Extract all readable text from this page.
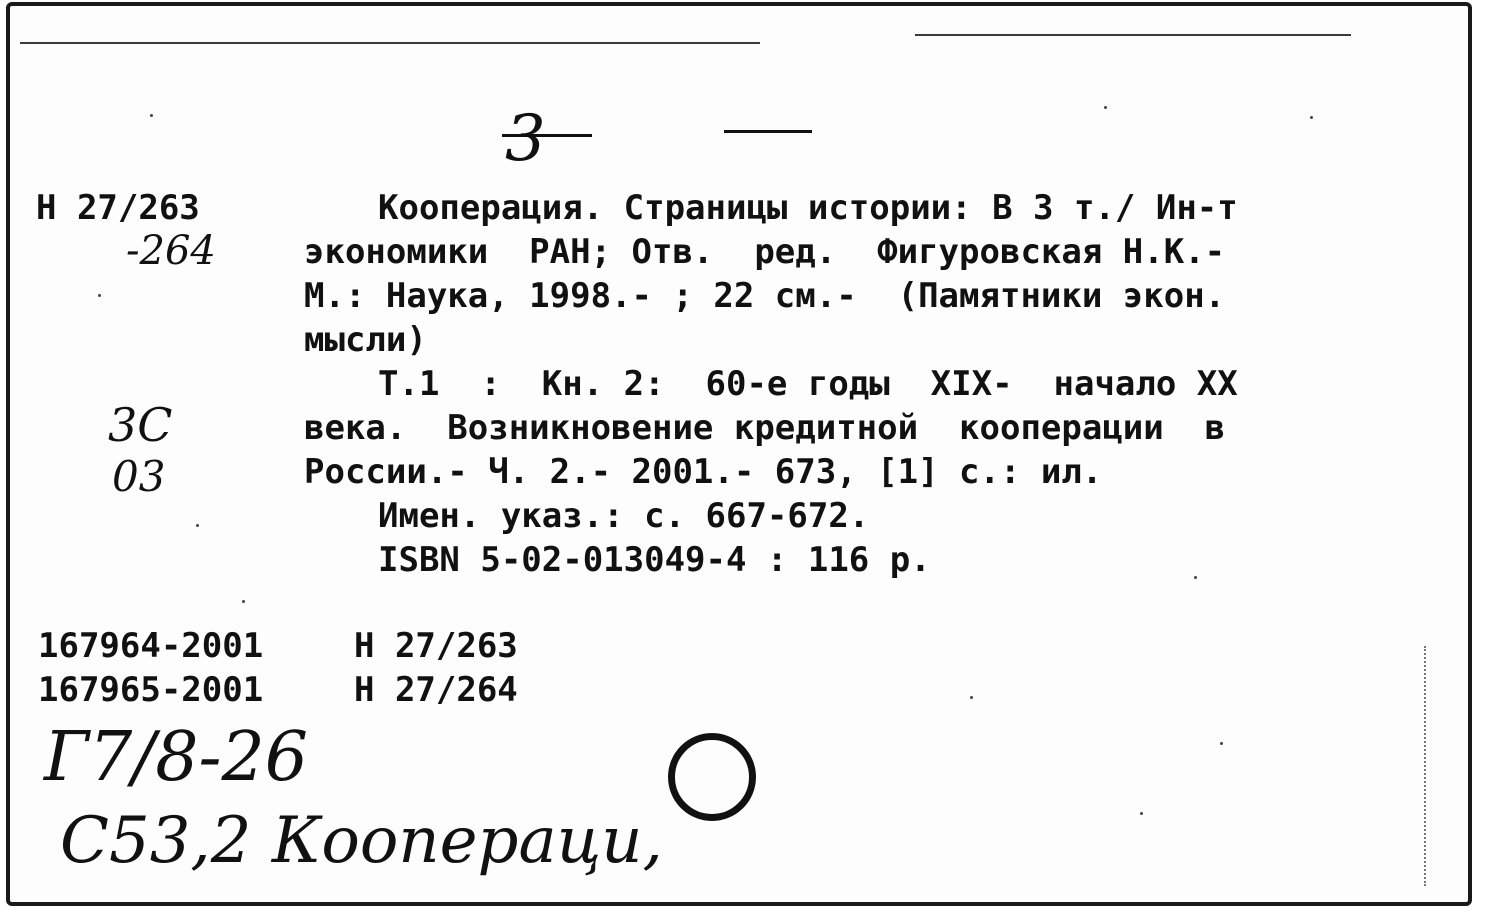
3
Н 27/263
-264
3С
03
Кооперация. Страницы истории: В 3 т./ Ин-т
экономики  РАН; Отв.  ред.  Фигуровская Н.К.-
М.: Наука, 1998.- ; 22 см.-  (Памятники экон.
мысли)
Т.1  :  Кн. 2:  60-е годы  XIX-  начало XX
века.  Возникновение кредитной  кооперации  в
России.- Ч. 2.- 2001.- 673, [1] с.: ил.
Имен. указ.: с. 667-672.
ISBN 5-02-013049-4 : 116 р.
167964-2001	Н 27/263
167965-2001	Н 27/264
Г7/8-26
С53,2 Коопераци,
